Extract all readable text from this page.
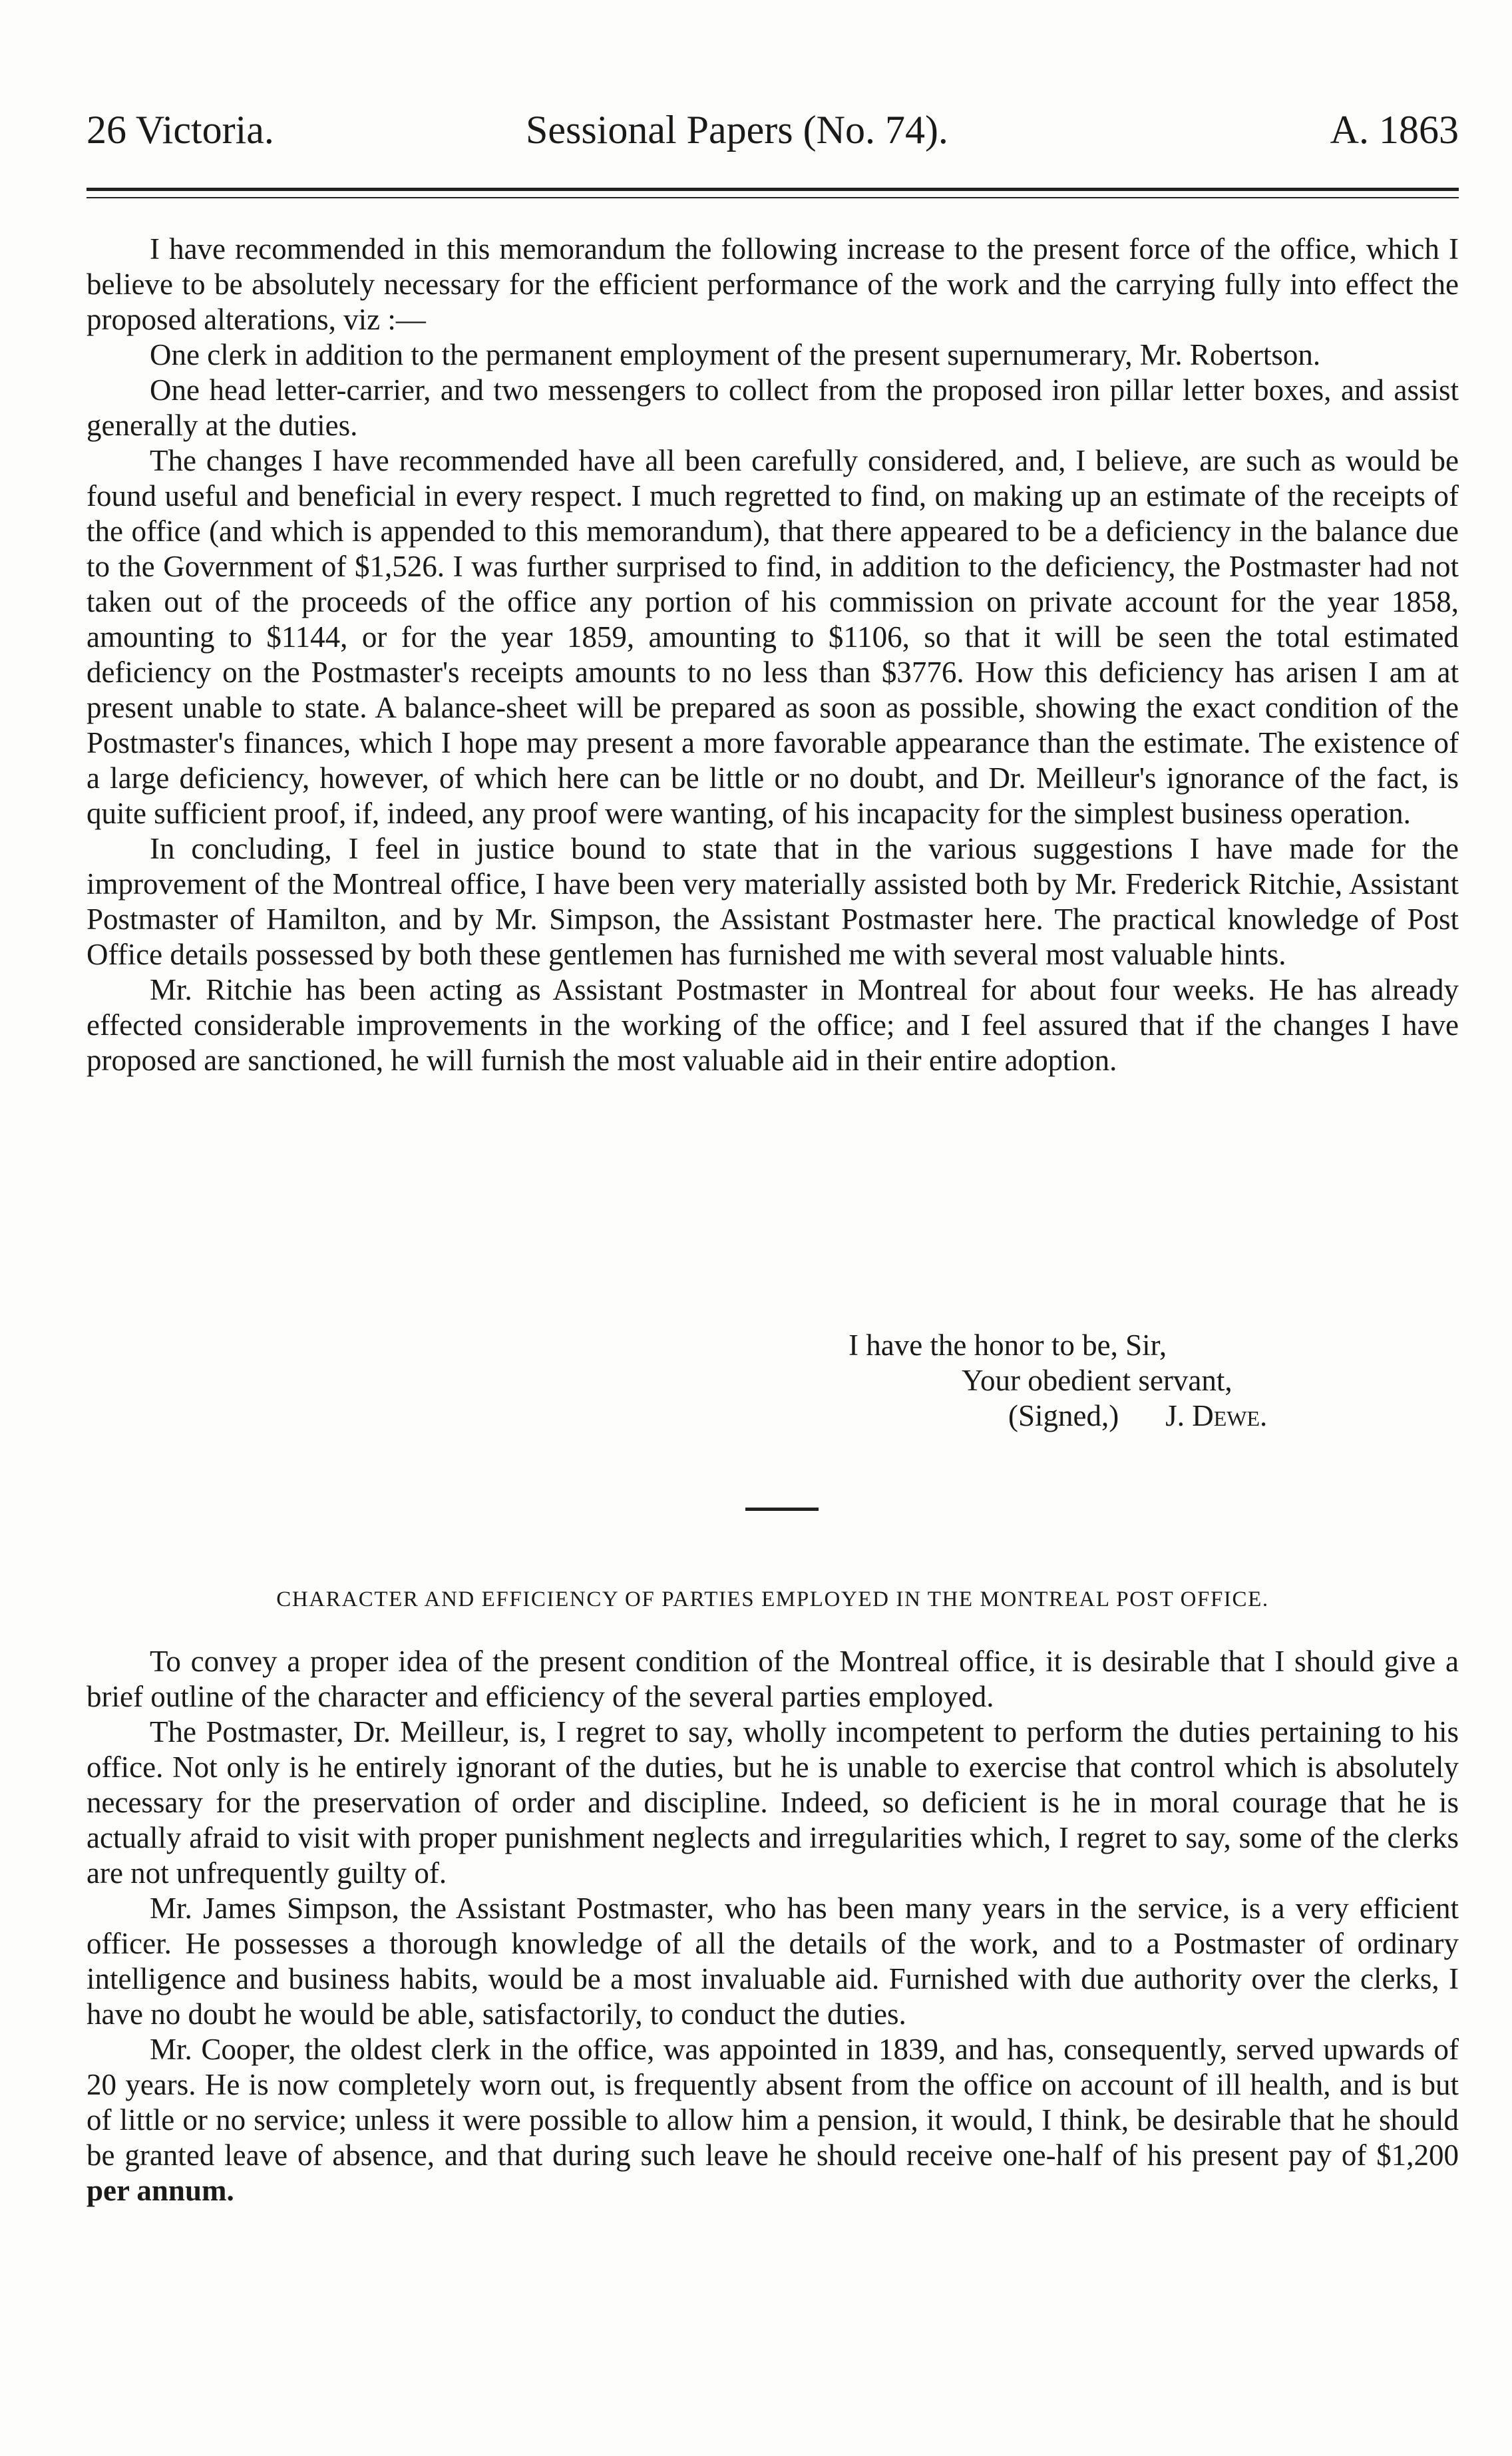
26 Victoria.	Sessional Papers (No. 74).	A. 1863

I have recommended in this memorandum the following increase to the present force of the office, which I believe to be absolutely necessary for the efficient performance of the work and the carrying fully into effect the proposed alterations, viz :—

One clerk in addition to the permanent employment of the present supernumerary, Mr. Robertson.

One head letter-carrier, and two messengers to collect from the proposed iron pillar letter boxes, and assist generally at the duties.

The changes I have recommended have all been carefully considered, and, I believe, are such as would be found useful and beneficial in every respect. I much regretted to find, on making up an estimate of the receipts of the office (and which is appended to this memorandum), that there appeared to be a deficiency in the balance due to the Government of $1,526. I was further surprised to find, in addition to the deficiency, the Postmaster had not taken out of the proceeds of the office any portion of his commission on private account for the year 1858, amounting to $1144, or for the year 1859, amounting to $1106, so that it will be seen the total estimated deficiency on the Postmaster's receipts amounts to no less than $3776. How this deficiency has arisen I am at present unable to state. A balance-sheet will be prepared as soon as possible, showing the exact condition of the Postmaster's finances, which I hope may present a more favorable appearance than the estimate. The existence of a large deficiency, however, of which here can be little or no doubt, and Dr. Meilleur's ignorance of the fact, is quite sufficient proof, if, indeed, any proof were wanting, of his incapacity for the simplest business operation.

In concluding, I feel in justice bound to state that in the various suggestions I have made for the improvement of the Montreal office, I have been very materially assisted both by Mr. Frederick Ritchie, Assistant Postmaster of Hamilton, and by Mr. Simpson, the Assistant Postmaster here. The practical knowledge of Post Office details possessed by both these gentlemen has furnished me with several most valuable hints.

Mr. Ritchie has been acting as Assistant Postmaster in Montreal for about four weeks. He has already effected considerable improvements in the working of the office; and I feel assured that if the changes I have proposed are sanctioned, he will furnish the most valuable aid in their entire adoption.

I have the honor to be, Sir,
Your obedient servant,
(Signed,) J. Dewe.
CHARACTER AND EFFICIENCY OF PARTIES EMPLOYED IN THE MONTREAL POST OFFICE.

To convey a proper idea of the present condition of the Montreal office, it is desirable that I should give a brief outline of the character and efficiency of the several parties employed.

The Postmaster, Dr. Meilleur, is, I regret to say, wholly incompetent to perform the duties pertaining to his office. Not only is he entirely ignorant of the duties, but he is unable to exercise that control which is absolutely necessary for the preservation of order and discipline. Indeed, so deficient is he in moral courage that he is actually afraid to visit with proper punishment neglects and irregularities which, I regret to say, some of the clerks are not unfrequently guilty of.

Mr. James Simpson, the Assistant Postmaster, who has been many years in the service, is a very efficient officer. He possesses a thorough knowledge of all the details of the work, and to a Postmaster of ordinary intelligence and business habits, would be a most invaluable aid. Furnished with due authority over the clerks, I have no doubt he would be able, satisfactorily, to conduct the duties.

Mr. Cooper, the oldest clerk in the office, was appointed in 1839, and has, consequently, served upwards of 20 years. He is now completely worn out, is frequently absent from the office on account of ill health, and is but of little or no service; unless it were possible to allow him a pension, it would, I think, be desirable that he should be granted leave of absence, and that during such leave he should receive one-half of his present pay of $1,200 per annum.
